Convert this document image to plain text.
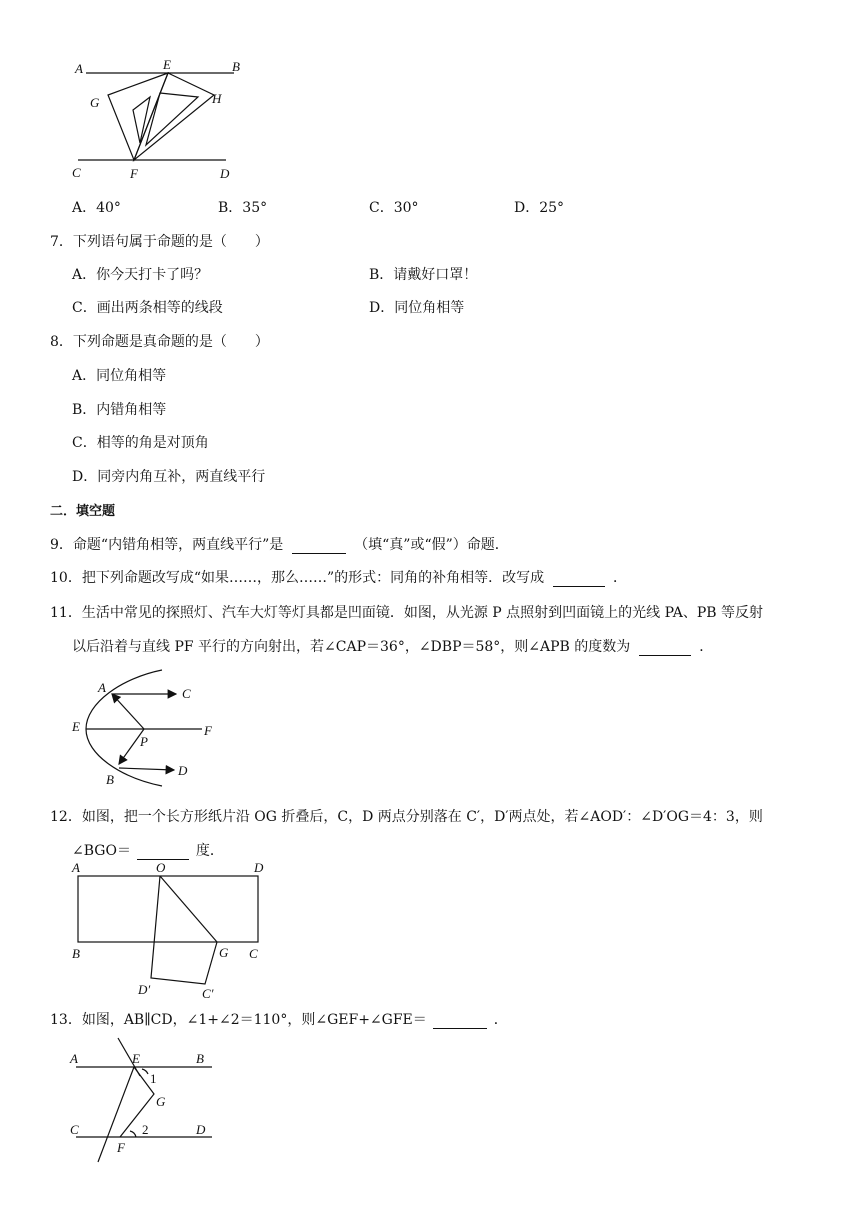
A	E	B
G	H
C	F	D
A．40°	B．35°	C．30°	D．25°
7．下列语句属于命题的是（　　）
A．你今天打卡了吗？	B．请戴好口罩！
C．画出两条相等的线段	D．同位角相等
8．下列命题是真命题的是（　　）
A．同位角相等
B．内错角相等
C．相等的角是对顶角
D．同旁内角互补，两直线平行
二．填空题
9．命题“内错角相等，两直线平行”是	（填“真”或“假”）命题．
10．把下列命题改写成“如果……，那么……”的形式：同角的补角相等．改写成	．
11．生活中常见的探照灯、汽车大灯等灯具都是凹面镜．如图，从光源 P 点照射到凹面镜上的光线 PA、PB 等反射
以后沿着与直线 PF 平行的方向射出，若∠CAP＝36°，∠DBP＝58°，则∠APB 的度数为	．
A	C
E
P
F
B
D
12．如图，把一个长方形纸片沿 OG 折叠后，C，D 两点分别落在 C′，D′两点处，若∠AOD′：∠D′OG＝4：3，则
∠BGO＝	度．
A	O	D
B	G C
D′	C′
13．如图，AB∥CD，∠1+∠2＝110°，则∠GEF+∠GFE＝	．
A	E	B
1
G
C	2	D
F
